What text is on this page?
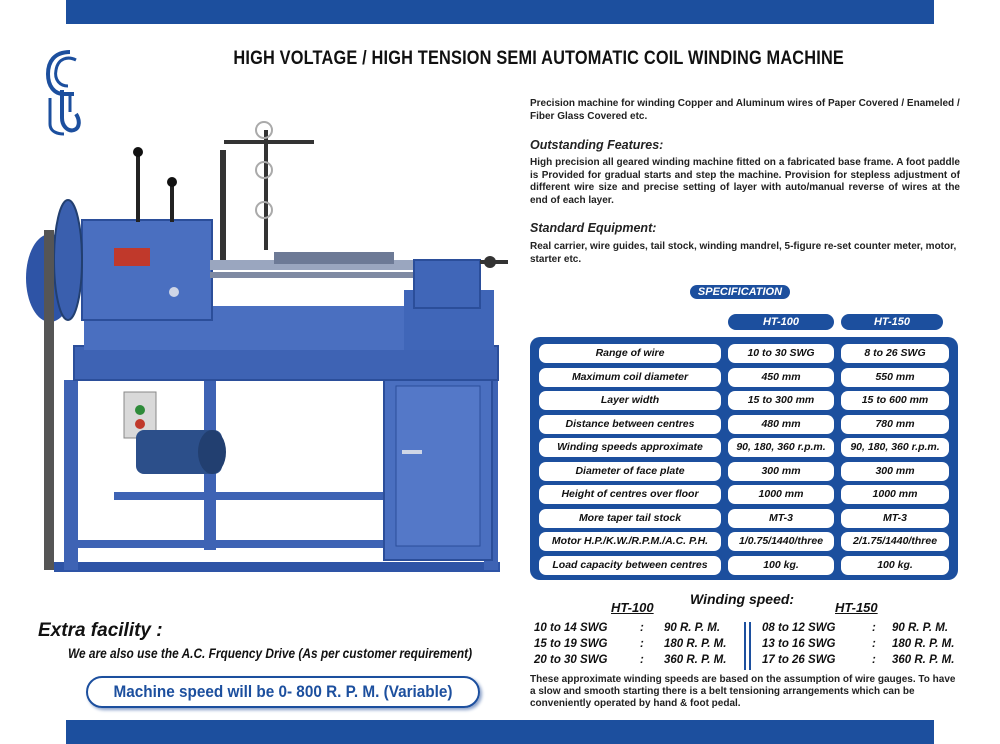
HIGH VOLTAGE / HIGH TENSION SEMI AUTOMATIC COIL WINDING MACHINE
Precision machine for winding Copper and Aluminum wires of Paper Covered / Enameled / Fiber Glass Covered etc.
Outstanding Features:
High precision all geared winding machine fitted on a fabricated base frame. A foot paddle is Provided for gradual starts and step the machine. Provision for stepless adjustment of different wire size and precise setting of layer with auto/manual reverse of wires at the end of each layer.
Standard Equipment:
Real carrier, wire guides, tail stock, winding mandrel, 5-figure re-set counter meter, motor, starter etc.
SPECIFICATION
HT-100	HT-150
Range of wire	10 to 30 SWG	8 to 26 SWG
Maximum coil diameter	450 mm	550 mm
Layer width	15 to 300 mm	15 to 600 mm
Distance between centres	480 mm	780 mm
Winding speeds approximate	90, 180, 360 r.p.m.	90, 180, 360 r.p.m.
Diameter of face plate	300 mm	300 mm
Height of centres over floor	1000 mm	1000 mm
More taper tail stock	MT-3	MT-3
Motor H.P./K.W./R.P.M./A.C. P.H.	1/0.75/1440/three	2/1.75/1440/three
Load capacity between centres	100 kg.	100 kg.
Winding speed:
HT-100	HT-150
10 to 14 SWG	: 90 R. P. M.
15 to 19 SWG	: 180 R. P. M.
20 to 30 SWG	: 360 R. P. M.
08 to 12 SWG	: 90 R. P. M.
13 to 16 SWG	: 180 R. P. M.
17 to 26 SWG	: 360 R. P. M.
These approximate winding speeds are based on the assumption of wire gauges. To have a slow and smooth starting there is a belt tensioning arrangements which can be conveniently operated by hand & foot pedal.
Extra facility :
We are also use the A.C. Frquency Drive (As per customer requirement)
Machine speed will be 0- 800 R. P. M. (Variable)
